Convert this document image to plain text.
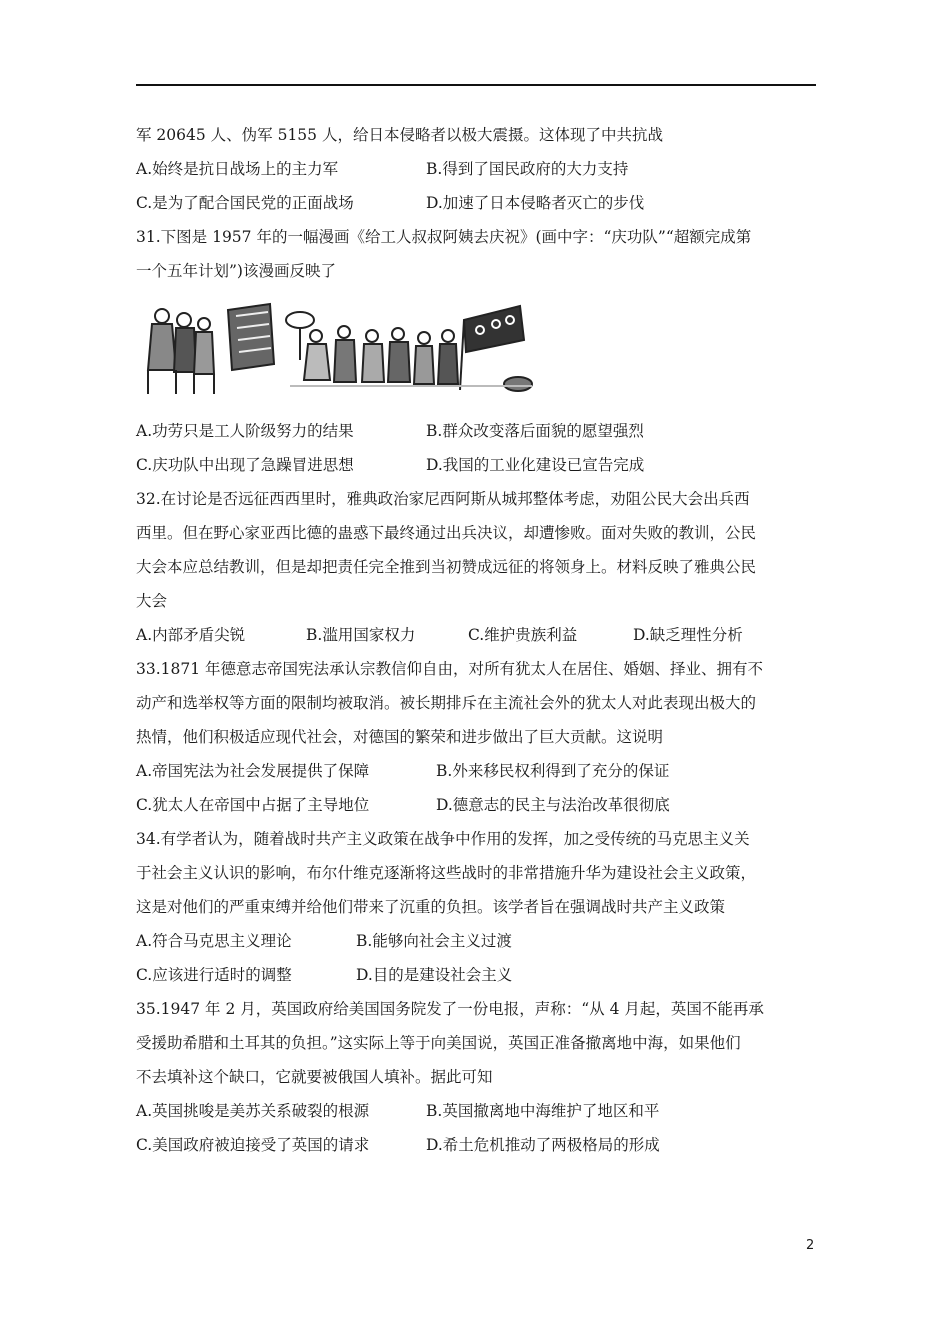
军 20645 人、伪军 5155 人，给日本侵略者以极大震摄。这体现了中共抗战
A.始终是抗日战场上的主力军	B.得到了国民政府的大力支持
C.是为了配合国民党的正面战场	D.加速了日本侵略者灭亡的步伐
31.下图是 1957 年的一幅漫画《给工人叔叔阿姨去庆祝》(画中字：“庆功队”“超额完成第
一个五年计划”)该漫画反映了
A.功劳只是工人阶级努力的结果	B.群众改变落后面貌的愿望强烈
C.庆功队中出现了急躁冒进思想	D.我国的工业化建设已宣告完成
32.在讨论是否远征西西里时，雅典政治家尼西阿斯从城邦整体考虑，劝阻公民大会出兵西
西里。但在野心家亚西比德的蛊惑下最终通过出兵决议，却遭惨败。面对失败的教训，公民
大会本应总结教训，但是却把责任完全推到当初赞成远征的将领身上。材料反映了雅典公民
大会
A.内部矛盾尖锐	B.滥用国家权力	C.维护贵族利益	D.缺乏理性分析
33.1871 年德意志帝国宪法承认宗教信仰自由，对所有犹太人在居住、婚姻、择业、拥有不
动产和选举权等方面的限制均被取消。被长期排斥在主流社会外的犹太人对此表现出极大的
热情，他们积极适应现代社会，对德国的繁荣和进步做出了巨大贡献。这说明
A.帝国宪法为社会发展提供了保障	B.外来移民权利得到了充分的保证
C.犹太人在帝国中占据了主导地位	D.德意志的民主与法治改革很彻底
34.有学者认为，随着战时共产主义政策在战争中作用的发挥，加之受传统的马克思主义关
于社会主义认识的影响，布尔什维克逐渐将这些战时的非常措施升华为建设社会主义政策，
这是对他们的严重束缚并给他们带来了沉重的负担。该学者旨在强调战时共产主义政策
A.符合马克思主义理论	B.能够向社会主义过渡
C.应该进行适时的调整	D.目的是建设社会主义
35.1947 年 2 月，英国政府给美国国务院发了一份电报，声称：“从 4 月起，英国不能再承
受援助希腊和土耳其的负担。”这实际上等于向美国说，英国正准备撤离地中海，如果他们
不去填补这个缺口，它就要被俄国人填补。据此可知
A.英国挑唆是美苏关系破裂的根源	B.英国撤离地中海维护了地区和平
C.美国政府被迫接受了英国的请求	D.希土危机推动了两极格局的形成
2
